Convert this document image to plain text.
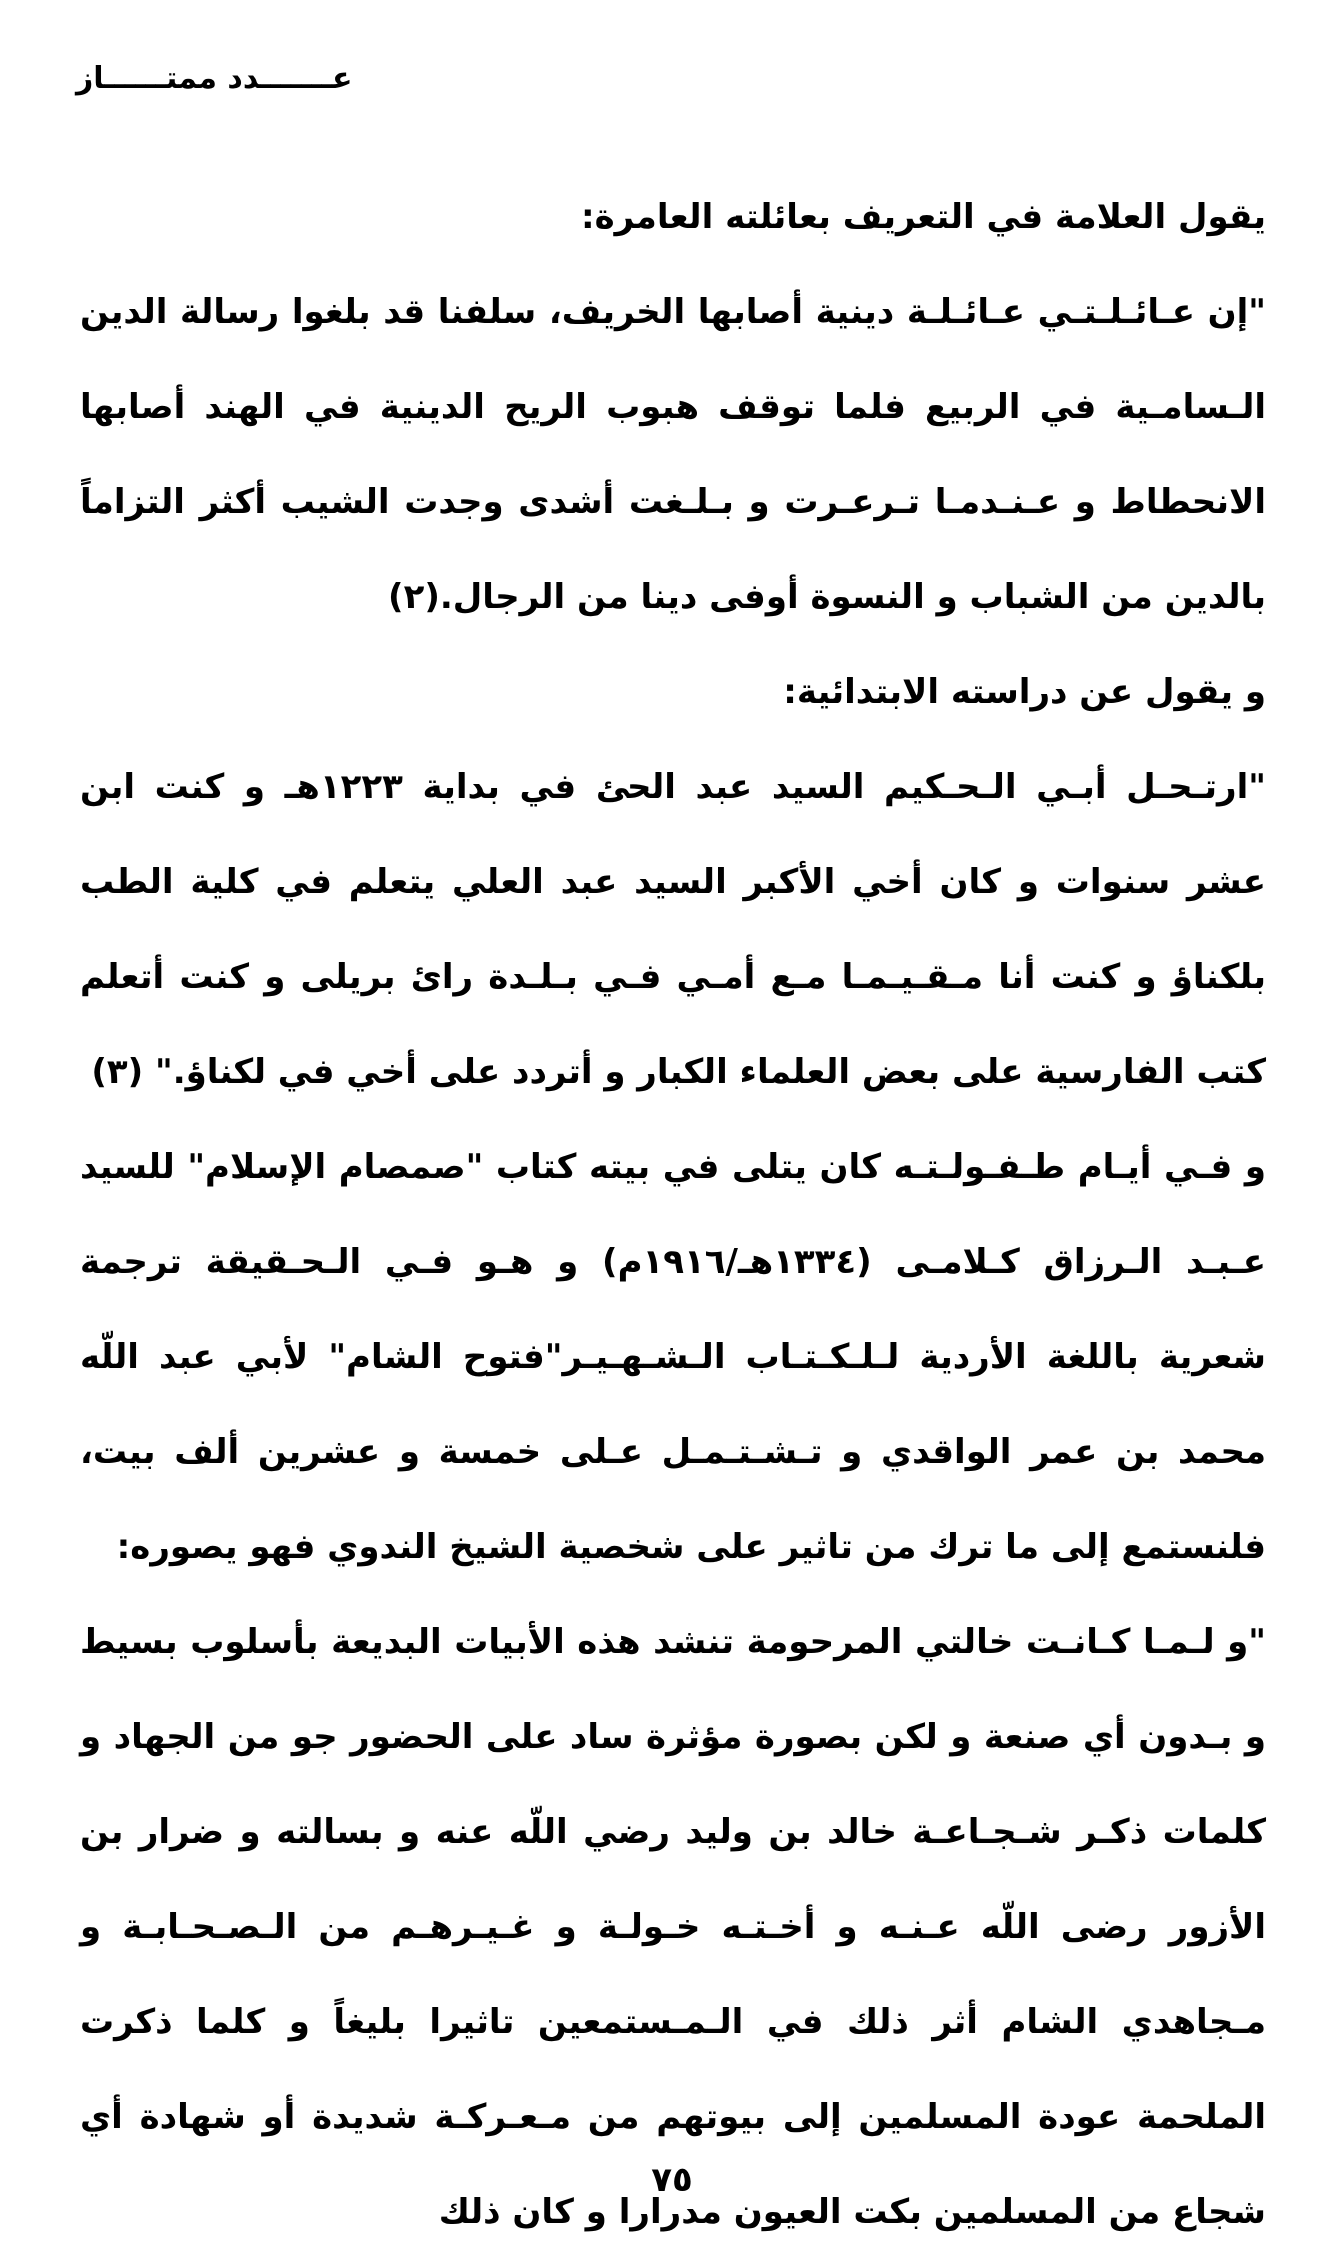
عـــــــدد ممتــــــاز

يقول العلامة في التعريف بعائلته العامرة:

"إن عـائـلـتـي عـائـلـة دينية أصابها الخريف، سلفنا قد بلغوا رسالة الدين الـسامـية في الربيع فلما توقف هبوب الريح الدينية في الهند أصابها الانحطاط و عـنـدمـا تـرعـرت و بـلـغت أشدى وجدت الشيب أكثر التزاماً بالدين من الشباب و النسوة أوفى دينا من الرجال.(٢)

و يقول عن دراسته الابتدائية:

"ارتـحـل أبـي الـحـكيم السيد عبد الحئ في بداية ١٢٢٣هـ و كنت ابن عشر سنوات و كان أخي الأكبر السيد عبد العلي يتعلم في كلية الطب بلكناؤ و كنت أنا مـقـيـمـا مـع أمـي فـي بـلـدة رائ بريلى و كنت أتعلم كتب الفارسية على بعض العلماء الكبار و أتردد على أخي في لكناؤ." (٣)

و فـي أيـام طـفـولـتـه كان يتلى في بيته كتاب "صمصام الإسلام" للسيد عـبـد الـرزاق كـلامـى (١٣٣٤هـ/١٩١٦م) و هـو فـي الـحـقيقة ترجمة شعرية باللغة الأردية لـلـكـتـاب الـشـهـيـر"فتوح الشام" لأبي عبد اللّه محمد بن عمر الواقدي و تـشـتـمـل عـلى خمسة و عشرين ألف بيت، فلنستمع إلى ما ترك من تاثير على شخصية الشيخ الندوي فهو يصوره:

"و لـمـا كـانـت خالتي المرحومة تنشد هذه الأبيات البديعة بأسلوب بسيط و بـدون أي صنعة و لكن بصورة مؤثرة ساد على الحضور جو من الجهاد و كلمات ذكـر شـجـاعـة خالد بن وليد رضي اللّه عنه و بسالته و ضرار بن الأزور رضى اللّه عـنـه و أخـتـه خـولـة و غـيـرهـم من الـصـحـابـة و مـجاهدي الشام أثر ذلك في الـمـستمعين تاثيرا بليغاً و كلما ذكرت الملحمة عودة المسلمين إلى بيوتهم من مـعـركـة شديدة أو شهادة أي شجاع من المسلمين بكت العيون مدرارا و كان ذلك

٧٥
